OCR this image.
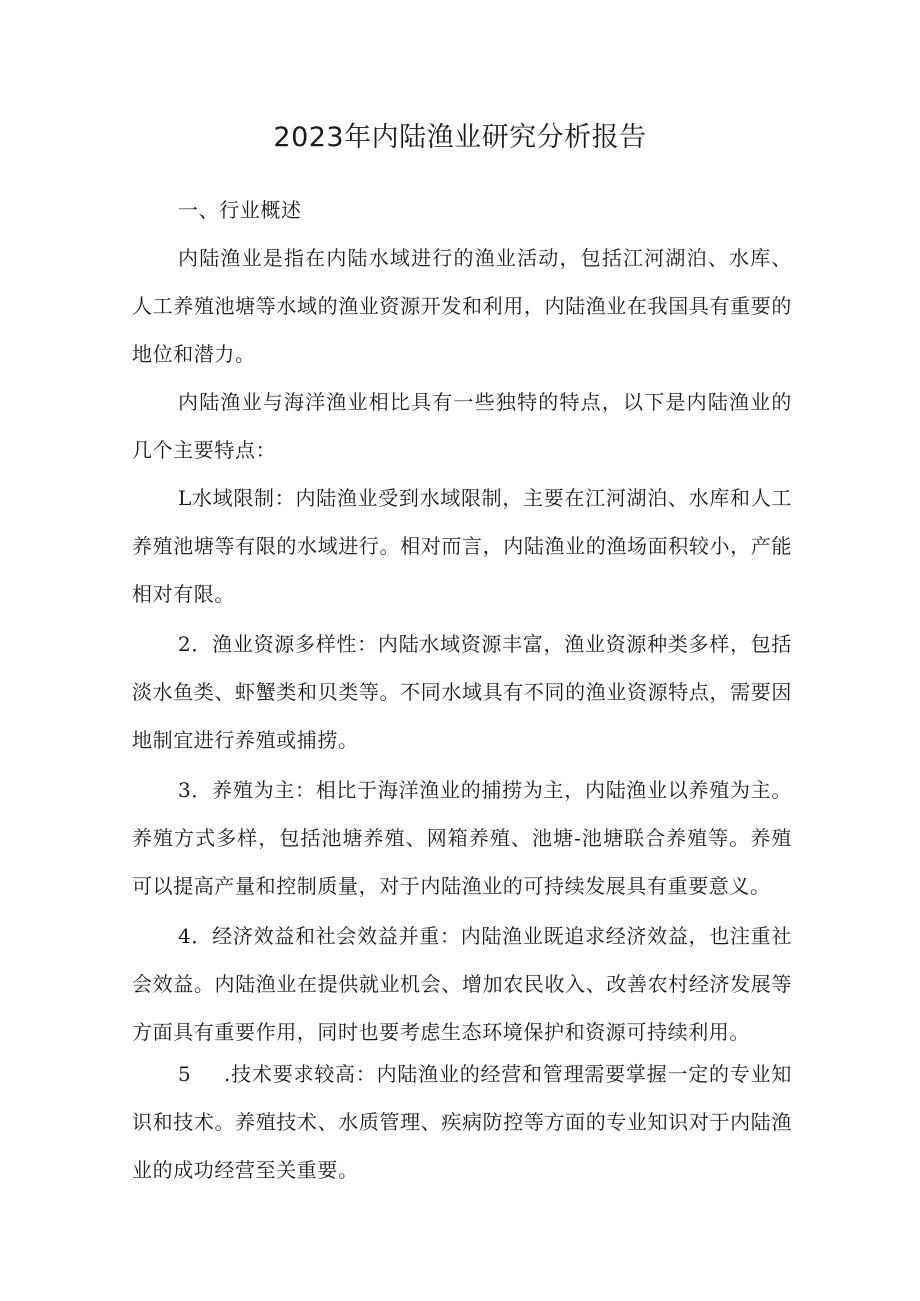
2023年内陆渔业研究分析报告

一、行业概述

内陆渔业是指在内陆水域进行的渔业活动，包括江河湖泊、水库、人工养殖池塘等水域的渔业资源开发和利用，内陆渔业在我国具有重要的地位和潜力。

内陆渔业与海洋渔业相比具有一些独特的特点，以下是内陆渔业的几个主要特点：

L水域限制：内陆渔业受到水域限制，主要在江河湖泊、水库和人工养殖池塘等有限的水域进行。相对而言，内陆渔业的渔场面积较小，产能相对有限。

2．渔业资源多样性：内陆水域资源丰富，渔业资源种类多样，包括淡水鱼类、虾蟹类和贝类等。不同水域具有不同的渔业资源特点，需要因地制宜进行养殖或捕捞。

3．养殖为主：相比于海洋渔业的捕捞为主，内陆渔业以养殖为主。养殖方式多样，包括池塘养殖、网箱养殖、池塘-池塘联合养殖等。养殖可以提高产量和控制质量，对于内陆渔业的可持续发展具有重要意义。

4．经济效益和社会效益并重：内陆渔业既追求经济效益，也注重社会效益。内陆渔业在提供就业机会、增加农民收入、改善农村经济发展等方面具有重要作用，同时也要考虑生态环境保护和资源可持续利用。

5 .技术要求较高：内陆渔业的经营和管理需要掌握一定的专业知识和技术。养殖技术、水质管理、疾病防控等方面的专业知识对于内陆渔业的成功经营至关重要。
